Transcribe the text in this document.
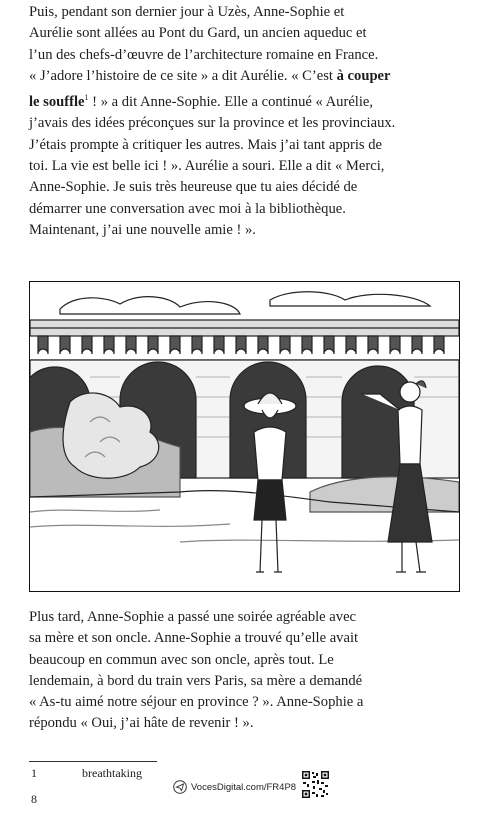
Puis, pendant son dernier jour à Uzès, Anne-Sophie et
Aurélie sont allées au Pont du Gard, un ancien aqueduc et
l’un des chefs-d’œuvre de l’architecture romaine en France.
« J’adore l’histoire de ce site » a dit Aurélie. « C’est à couper
le souffle$^1$ ! » a dit Anne-Sophie. Elle a continué « Aurélie,
j’avais des idées préconçues sur la province et les provinciaux.
J’étais prompte à critiquer les autres. Mais j’ai tant appris de
toi. La vie est belle ici ! ». Aurélie a souri. Elle a dit « Merci,
Anne-Sophie. Je suis très heureuse que tu aies décidé de
démarrer une conversation avec moi à la bibliothèque.
Maintenant, j’ai une nouvelle amie ! ».
Plus tard, Anne-Sophie a passé une soirée agréable avec
sa mère et son oncle. Anne-Sophie a trouvé qu’elle avait
beaucoup en commun avec son oncle, après tout. Le
lendemain, à bord du train vers Paris, sa mère a demandé
« As-tu aimé notre séjour en province ? ». Anne-Sophie a
répondu « Oui, j’ai hâte de revenir ! ».
1	breathtaking
8
VocesDigital.com/FR4P8
